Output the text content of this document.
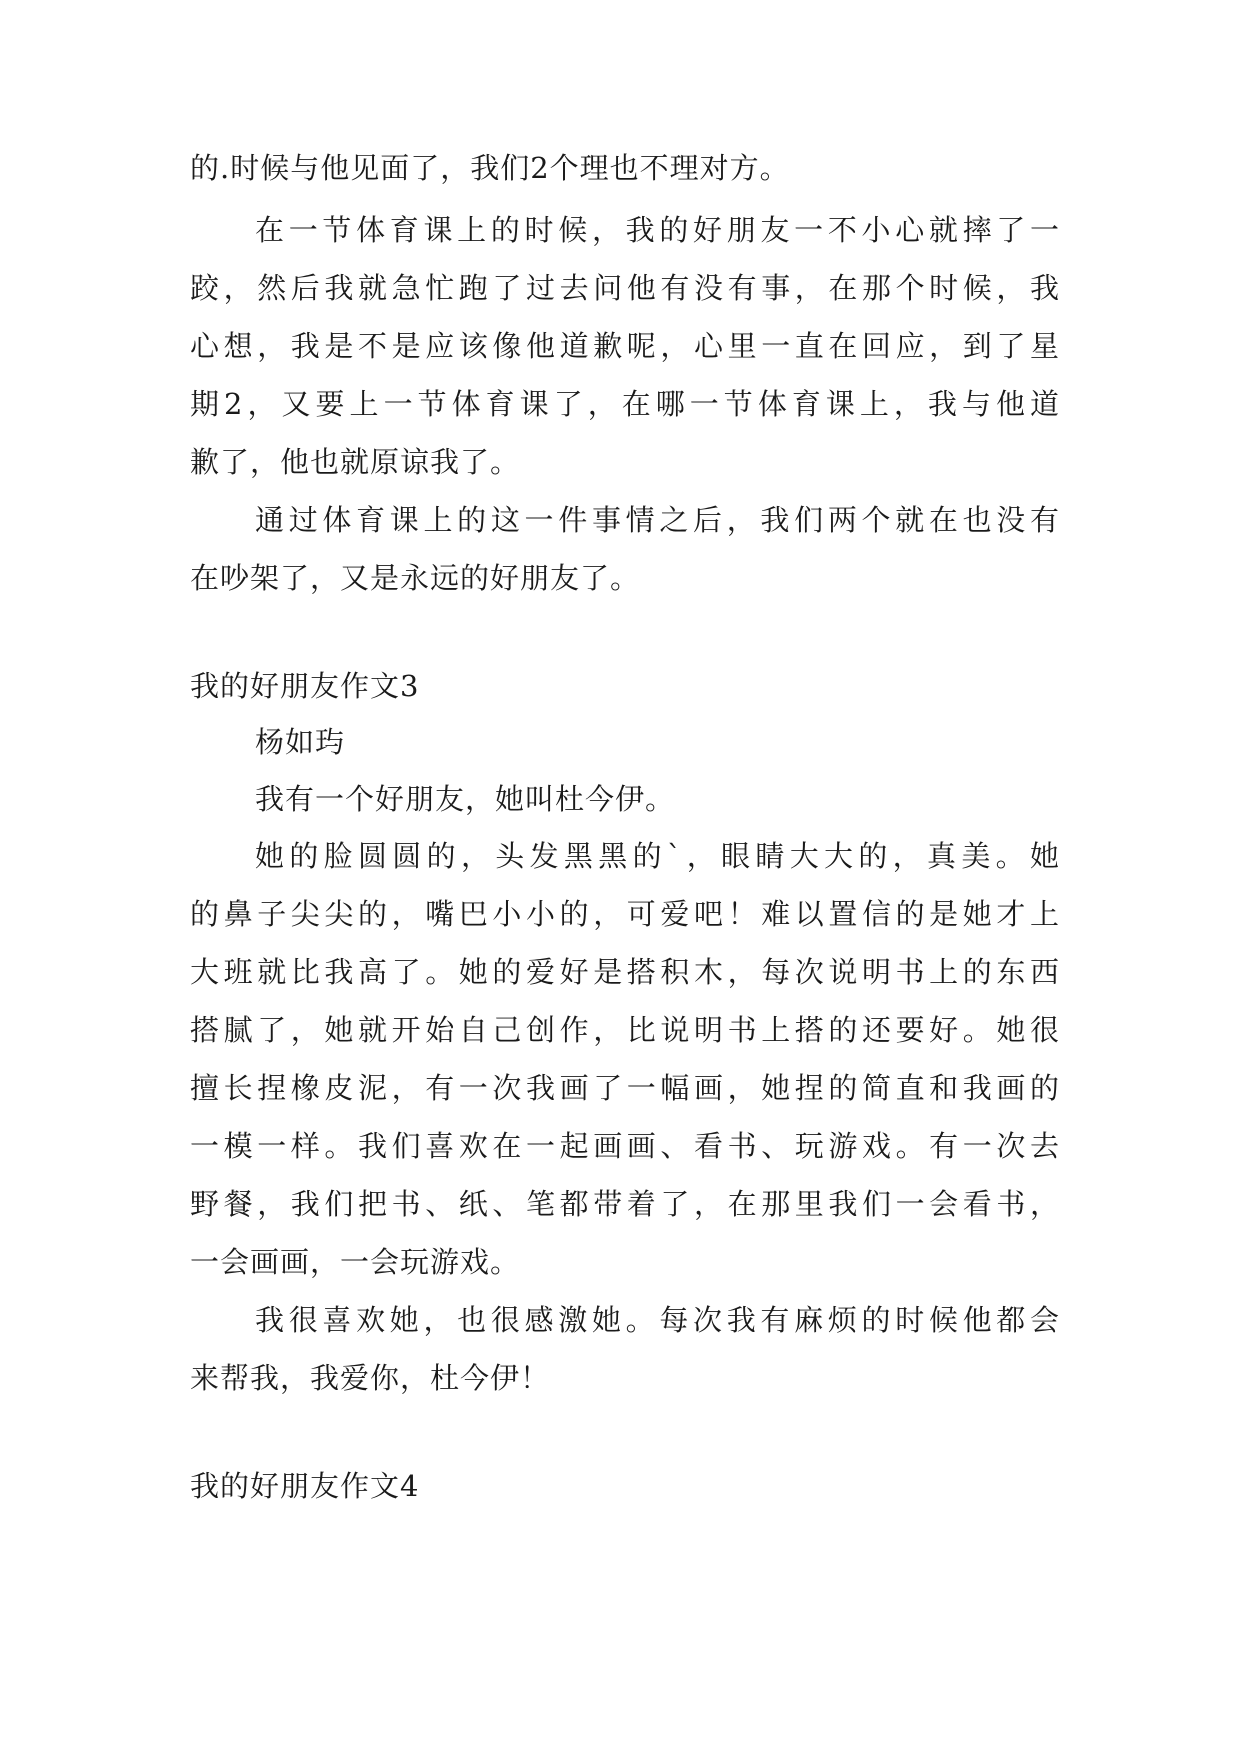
的.时候与他见面了，我们2个理也不理对方。
在一节体育课上的时候，我的好朋友一不小心就摔了一
跤，然后我就急忙跑了过去问他有没有事，在那个时候，我
心想，我是不是应该像他道歉呢，心里一直在回应，到了星
期2，又要上一节体育课了，在哪一节体育课上，我与他道
歉了，他也就原谅我了。
通过体育课上的这一件事情之后，我们两个就在也没有
在吵架了，又是永远的好朋友了。
我的好朋友作文3
杨如玙
我有一个好朋友，她叫杜今伊。
她的脸圆圆的，头发黑黑的`，眼睛大大的，真美。她
的鼻子尖尖的，嘴巴小小的，可爱吧！难以置信的是她才上
大班就比我高了。她的爱好是搭积木，每次说明书上的东西
搭腻了，她就开始自己创作，比说明书上搭的还要好。她很
擅长捏橡皮泥，有一次我画了一幅画，她捏的简直和我画的
一模一样。我们喜欢在一起画画、看书、玩游戏。有一次去
野餐，我们把书、纸、笔都带着了，在那里我们一会看书，
一会画画，一会玩游戏。
我很喜欢她，也很感激她。每次我有麻烦的时候他都会
来帮我，我爱你，杜今伊！
我的好朋友作文4
